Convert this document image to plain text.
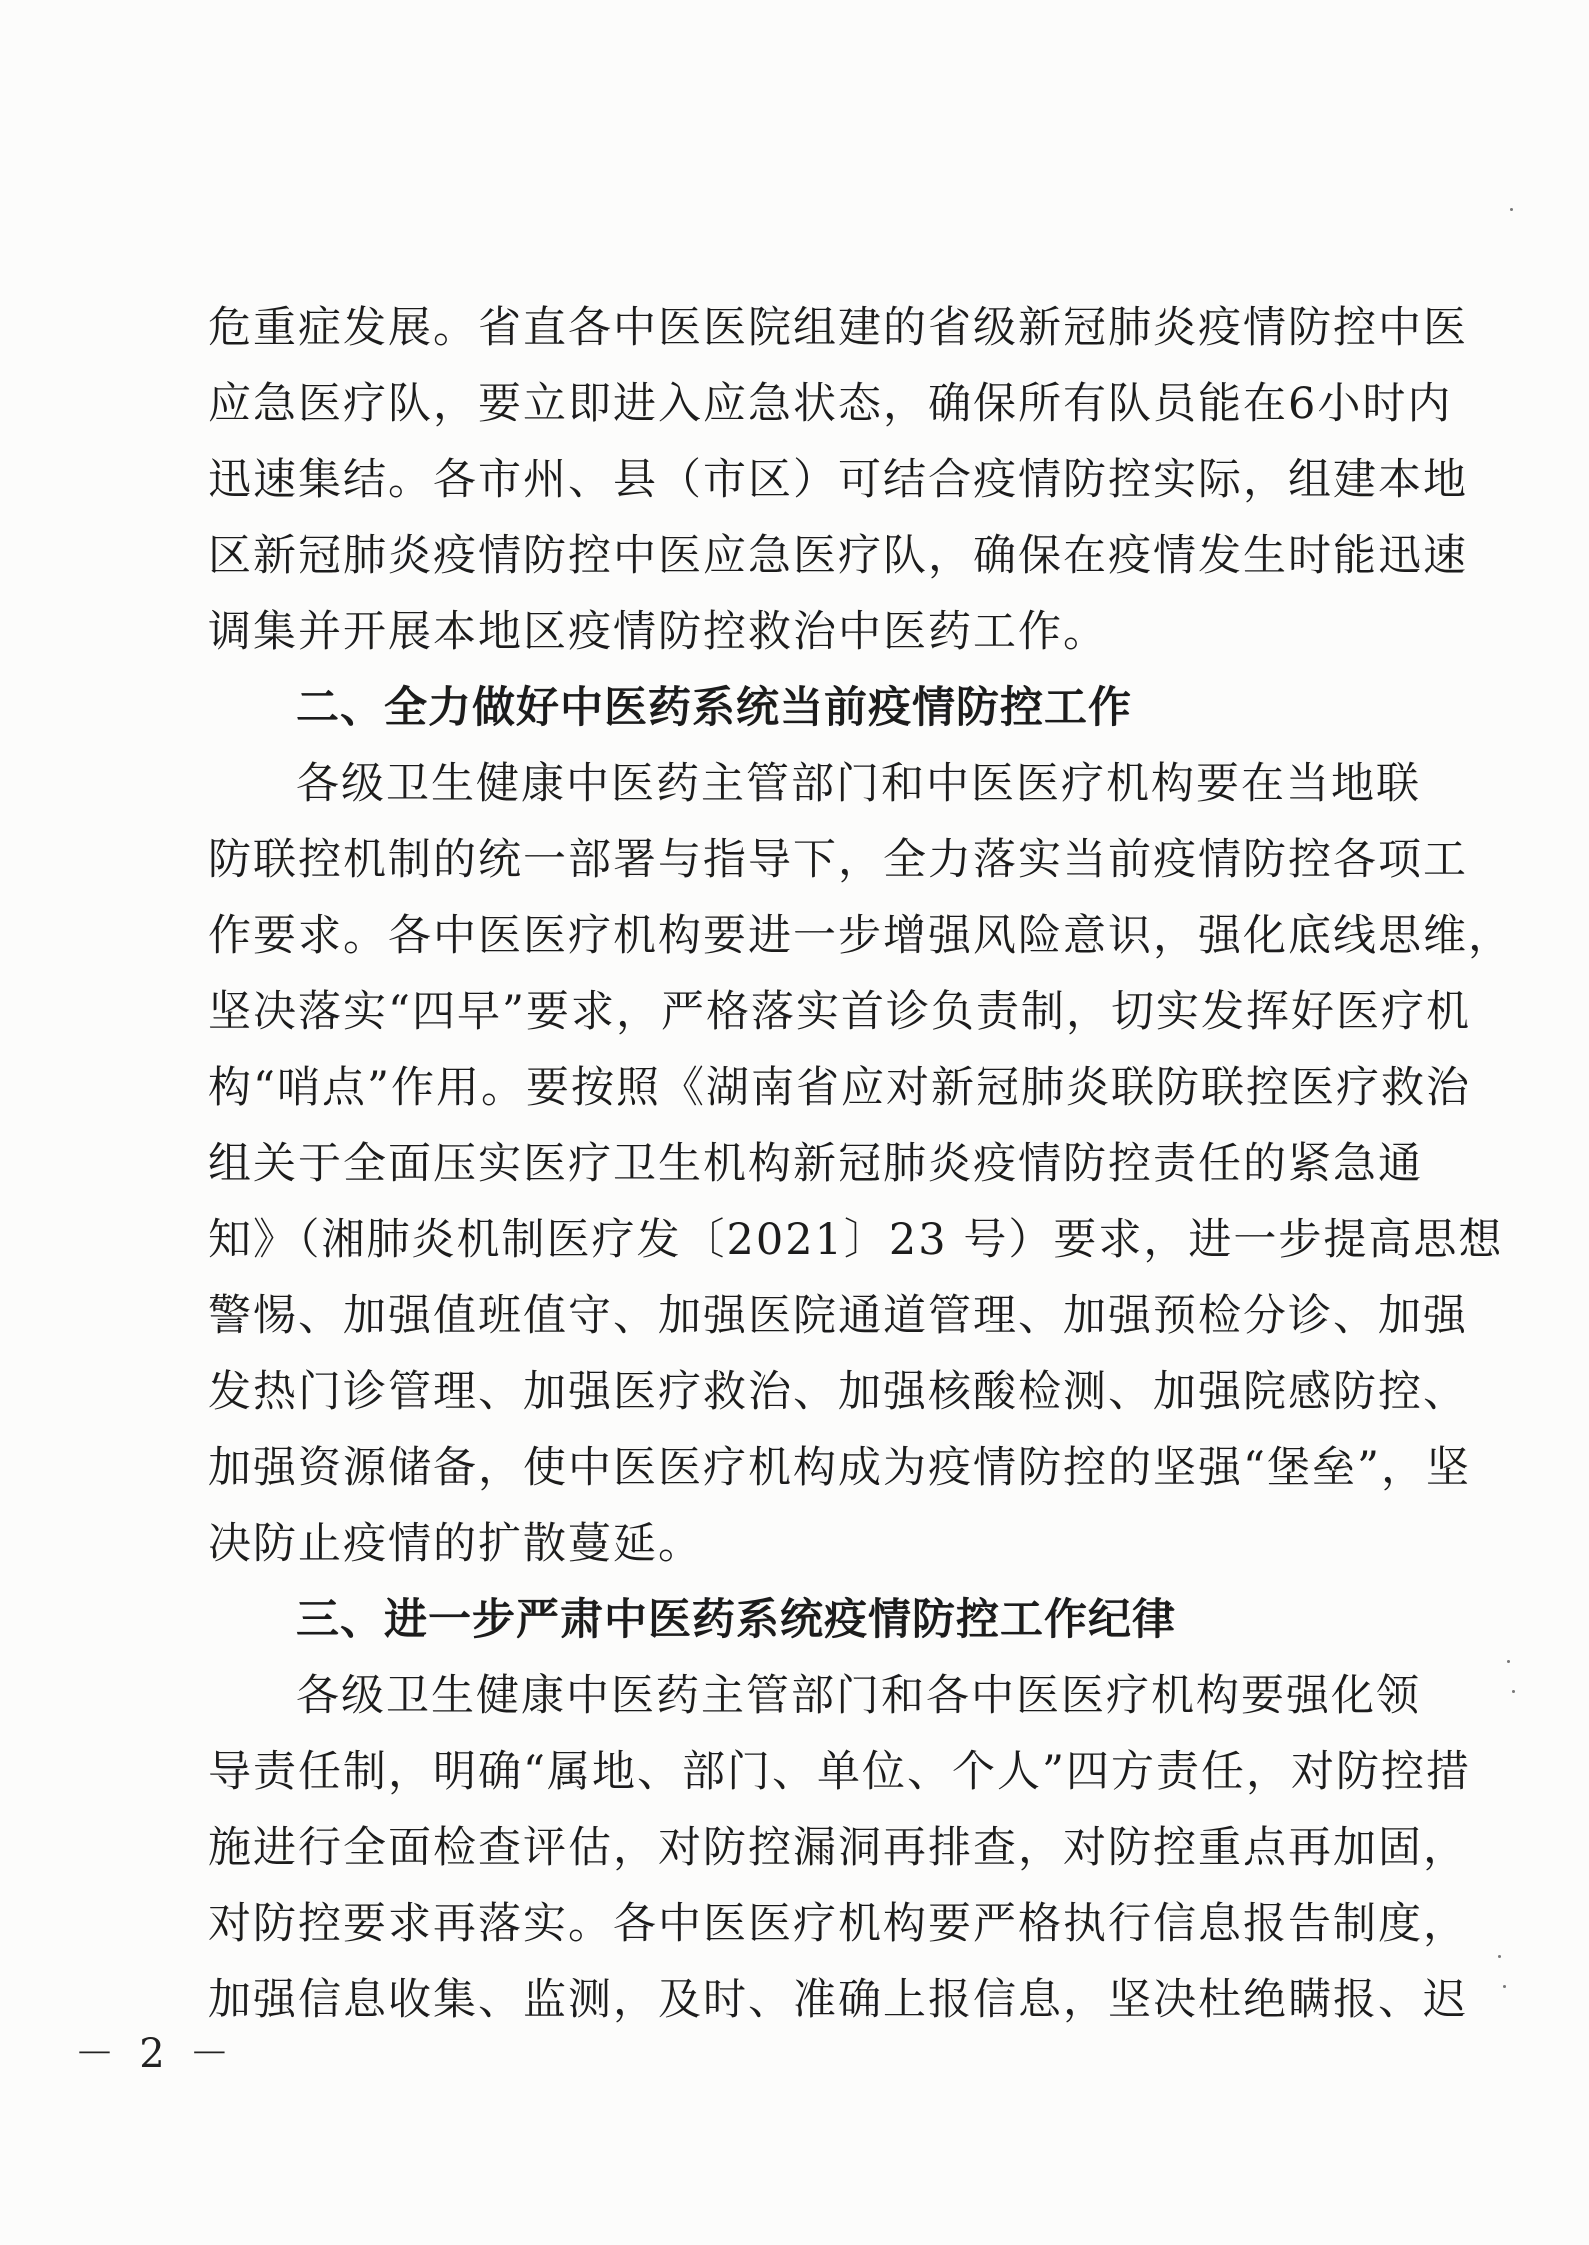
危重症发展。省直各中医医院组建的省级新冠肺炎疫情防控中医
应急医疗队，要立即进入应急状态，确保所有队员能在6小时内
迅速集结。各市州、县（市区）可结合疫情防控实际，组建本地
区新冠肺炎疫情防控中医应急医疗队，确保在疫情发生时能迅速
调集并开展本地区疫情防控救治中医药工作。
二、全力做好中医药系统当前疫情防控工作
各级卫生健康中医药主管部门和中医医疗机构要在当地联
防联控机制的统一部署与指导下，全力落实当前疫情防控各项工
作要求。各中医医疗机构要进一步增强风险意识，强化底线思维，
坚决落实“四早”要求，严格落实首诊负责制，切实发挥好医疗机
构“哨点”作用。要按照《湖南省应对新冠肺炎联防联控医疗救治
组关于全面压实医疗卫生机构新冠肺炎疫情防控责任的紧急通
知》（湘肺炎机制医疗发〔2021〕23 号）要求，进一步提高思想
警惕、加强值班值守、加强医院通道管理、加强预检分诊、加强
发热门诊管理、加强医疗救治、加强核酸检测、加强院感防控、
加强资源储备，使中医医疗机构成为疫情防控的坚强“堡垒”，坚
决防止疫情的扩散蔓延。
三、进一步严肃中医药系统疫情防控工作纪律
各级卫生健康中医药主管部门和各中医医疗机构要强化领
导责任制，明确“属地、部门、单位、个人”四方责任，对防控措
施进行全面检查评估，对防控漏洞再排查，对防控重点再加固，
对防控要求再落实。各中医医疗机构要严格执行信息报告制度，
加强信息收集、监测，及时、准确上报信息，坚决杜绝瞒报、迟
－ 2 －
